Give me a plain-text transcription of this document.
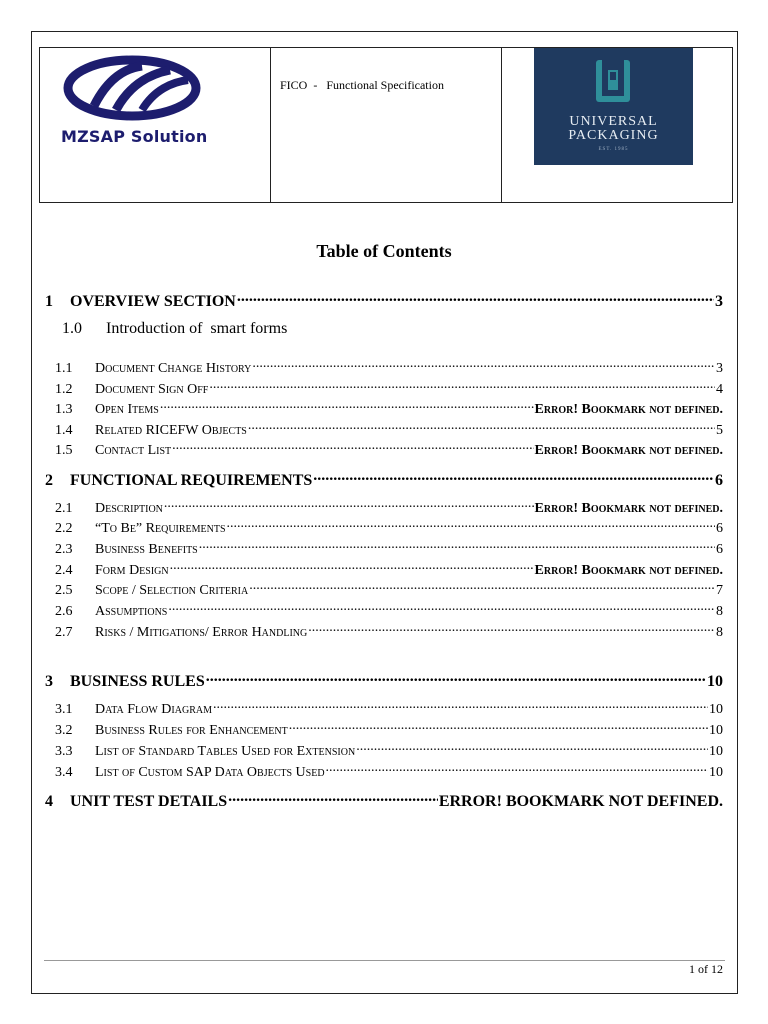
MZSAP Solution
FICO  -   Functional Specification
UNIVERSAL
PACKAGING
EST. 1985
Table of Contents
1.0      Introduction of  smart forms
1	OVERVIEW SECTION .....	3
1.1	Document Change History .....	3
1.2	Document Sign Off .....	4
1.3	Open Items .....	Error! Bookmark not defined.
1.4	Related RICEFW Objects .....	5
1.5	Contact List .....	Error! Bookmark not defined.
2	FUNCTIONAL REQUIREMENTS .....	6
2.1	Description .....	Error! Bookmark not defined.
2.2	“To Be” Requirements .....	6
2.3	Business Benefits .....	6
2.4	Form Design .....	Error! Bookmark not defined.
2.5	Scope / Selection Criteria .....	7
2.6	Assumptions .....	8
2.7	Risks / Mitigations/ Error Handling .....	8
3	BUSINESS RULES .....	10
3.1	Data Flow Diagram .....	10
3.2	Business Rules for Enhancement .....	10
3.3	List of Standard Tables Used for Extension .....	10
3.4	List of Custom SAP Data Objects Used .....	10
4	UNIT TEST DETAILS .....	ERROR! BOOKMARK NOT DEFINED.
1 of 12
